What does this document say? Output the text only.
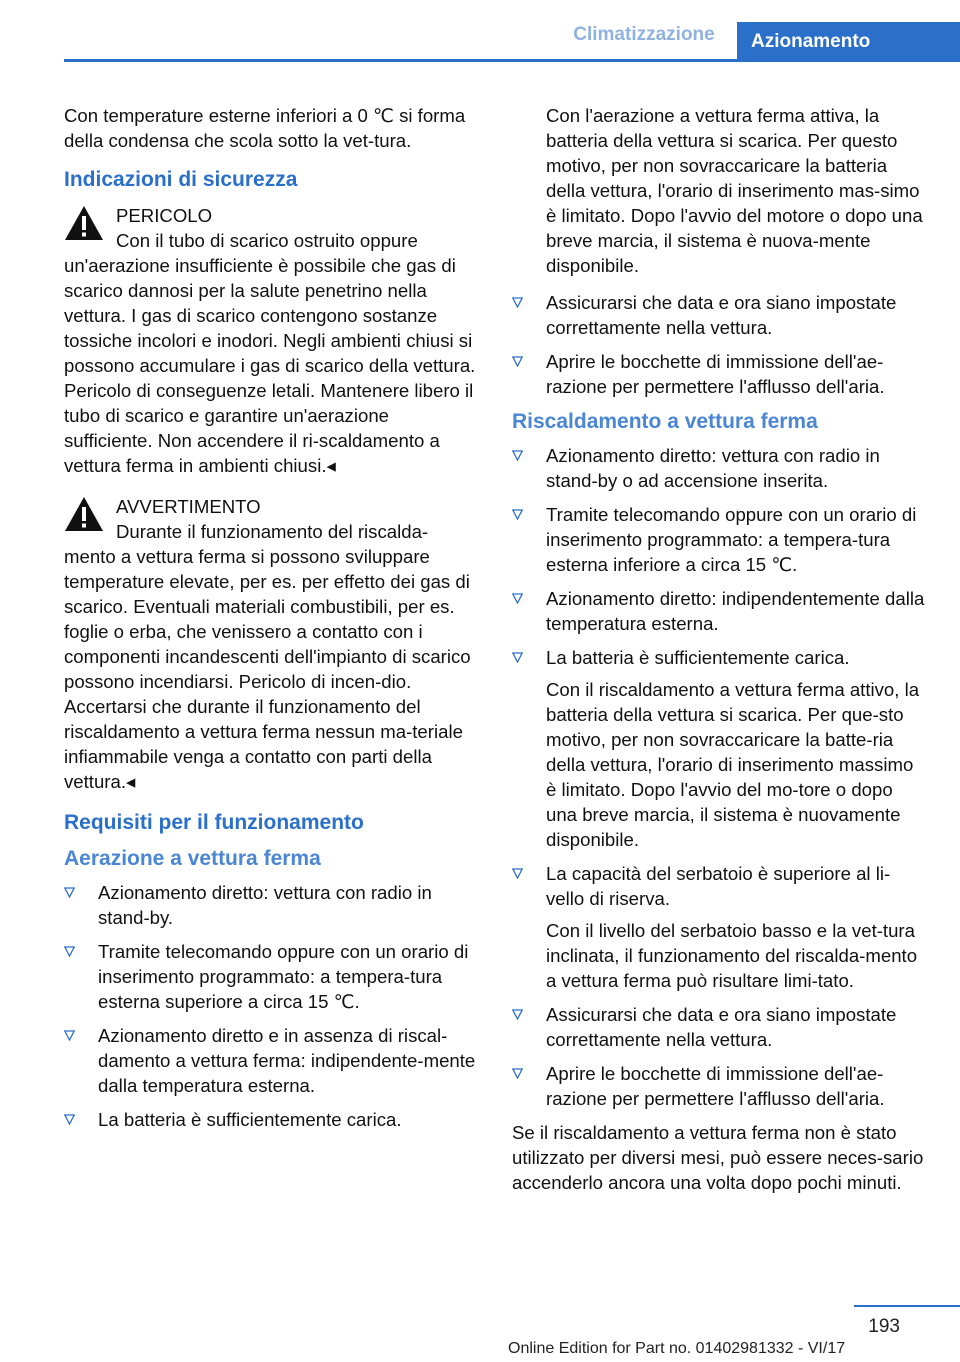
Climatizzazione	Azionamento

Con temperature esterne inferiori a 0 ℃ si forma della condensa che scola sotto la vet‐tura.

Indicazioni di sicurezza
PERICOLO
Con il tubo di scarico ostruito oppure
un'aerazione insufficiente è possibile che gas di scarico dannosi per la salute penetrino nella vettura. I gas di scarico contengono sostanze tossiche incolori e inodori. Negli ambienti chiusi si possono accumulare i gas di scarico della vettura. Pericolo di conseguenze letali. Mantenere libero il tubo di scarico e garantire un'aerazione sufficiente. Non accendere il ri‐scaldamento a vettura ferma in ambienti chiusi.◂
AVVERTIMENTO
Durante il funzionamento del riscalda‐
mento a vettura ferma si possono sviluppare temperature elevate, per es. per effetto dei gas di scarico. Eventuali materiali combustibili, per es. foglie o erba, che venissero a contatto con i componenti incandescenti dell'impianto di scarico possono incendiarsi. Pericolo di incen‐dio. Accertarsi che durante il funzionamento del riscaldamento a vettura ferma nessun ma‐teriale infiammabile venga a contatto con parti della vettura.◂
Requisiti per il funzionamento
Aerazione a vettura ferma
Azionamento diretto: vettura con radio in stand-by.
Tramite telecomando oppure con un orario di inserimento programmato: a tempera‐tura esterna superiore a circa 15 ℃.
Azionamento diretto e in assenza di riscal‐damento a vettura ferma: indipendente‐mente dalla temperatura esterna.
La batteria è sufficientemente carica.

Con l'aerazione a vettura ferma attiva, la batteria della vettura si scarica. Per questo motivo, per non sovraccaricare la batteria della vettura, l'orario di inserimento mas‐simo è limitato. Dopo l'avvio del motore o dopo una breve marcia, il sistema è nuova‐mente disponibile.

Assicurarsi che data e ora siano impostate correttamente nella vettura.
Aprire le bocchette di immissione dell'ae‐razione per permettere l'afflusso dell'aria.
Riscaldamento a vettura ferma
Azionamento diretto: vettura con radio in stand-by o ad accensione inserita.
Tramite telecomando oppure con un orario di inserimento programmato: a tempera‐tura esterna inferiore a circa 15 ℃.
Azionamento diretto: indipendentemente dalla temperatura esterna.
La batteria è sufficientemente carica.
Con il riscaldamento a vettura ferma attivo, la batteria della vettura si scarica. Per que‐sto motivo, per non sovraccaricare la batte‐ria della vettura, l'orario di inserimento massimo è limitato. Dopo l'avvio del mo‐tore o dopo una breve marcia, il sistema è nuovamente disponibile.
La capacità del serbatoio è superiore al li‐vello di riserva.
Con il livello del serbatoio basso e la vet‐tura inclinata, il funzionamento del riscalda‐mento a vettura ferma può risultare limi‐tato.
Assicurarsi che data e ora siano impostate correttamente nella vettura.
Aprire le bocchette di immissione dell'ae‐razione per permettere l'afflusso dell'aria.

Se il riscaldamento a vettura ferma non è stato utilizzato per diversi mesi, può essere neces‐sario accenderlo ancora una volta dopo pochi minuti.

193
Online Edition for Part no. 01402981332 - VI/17
